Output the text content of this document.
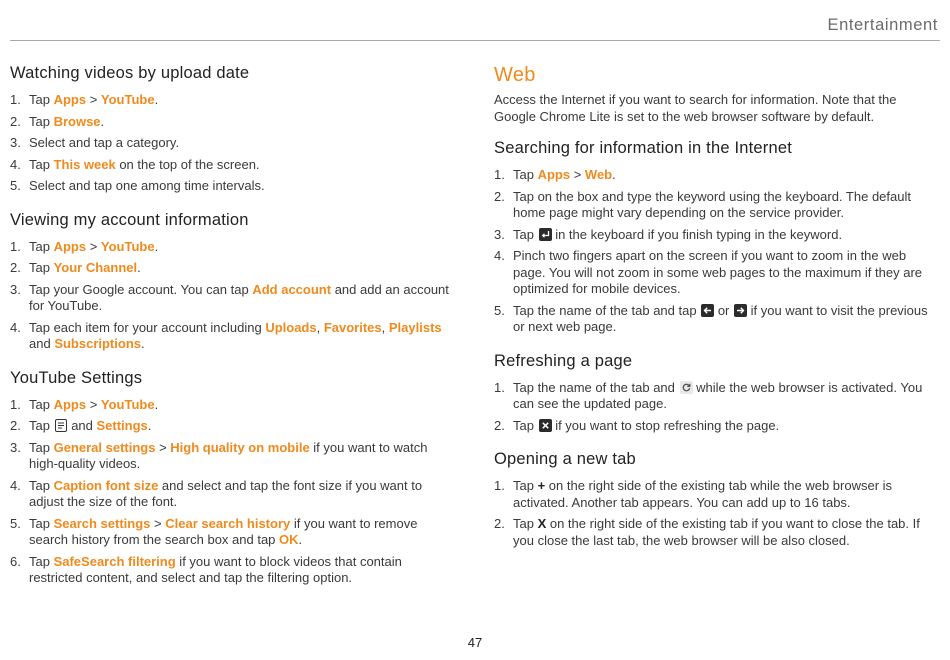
Entertainment
Watching videos by upload date
1. Tap Apps > YouTube.
2. Tap Browse.
3. Select and tap a category.
4. Tap This week on the top of the screen.
5. Select and tap one among time intervals.
Viewing my account information
1. Tap Apps > YouTube.
2. Tap Your Channel.
3. Tap your Google account. You can tap Add account and add an account for YouTube.
4. Tap each item for your account including Uploads, Favorites, Playlists and Subscriptions.
YouTube Settings
1. Tap Apps > YouTube.
2. Tap  and Settings.
3. Tap General settings > High quality on mobile if you want to watch high-quality videos.
4. Tap Caption font size and select and tap the font size if you want to adjust the size of the font.
5. Tap Search settings > Clear search history if you want to remove search history from the search box and tap OK.
6. Tap SafeSearch filtering if you want to block videos that contain restricted content, and select and tap the filtering option.
Web

Access the Internet if you want to search for information. Note that the Google Chrome Lite is set to the web browser software by default.

Searching for information in the Internet
1. Tap Apps > Web.
2. Tap on the box and type the keyword using the keyboard. The default home page might vary depending on the service provider.
3. Tap  in the keyboard if you finish typing in the keyword.
4. Pinch two fingers apart on the screen if you want to zoom in the web page. You will not zoom in some web pages to the maximum if they are optimized for mobile devices.
5. Tap the name of the tab and tap  or  if you want to visit the previous or next web page.
Refreshing a page
1. Tap the name of the tab and  while the web browser is activated. You can see the updated page.
2. Tap  if you want to stop refreshing the page.
Opening a new tab
1. Tap + on the right side of the existing tab while the web browser is activated. Another tab appears. You can add up to 16 tabs.
2. Tap X on the right side of the existing tab if you want to close the tab. If you close the last tab, the web browser will be also closed.
47
